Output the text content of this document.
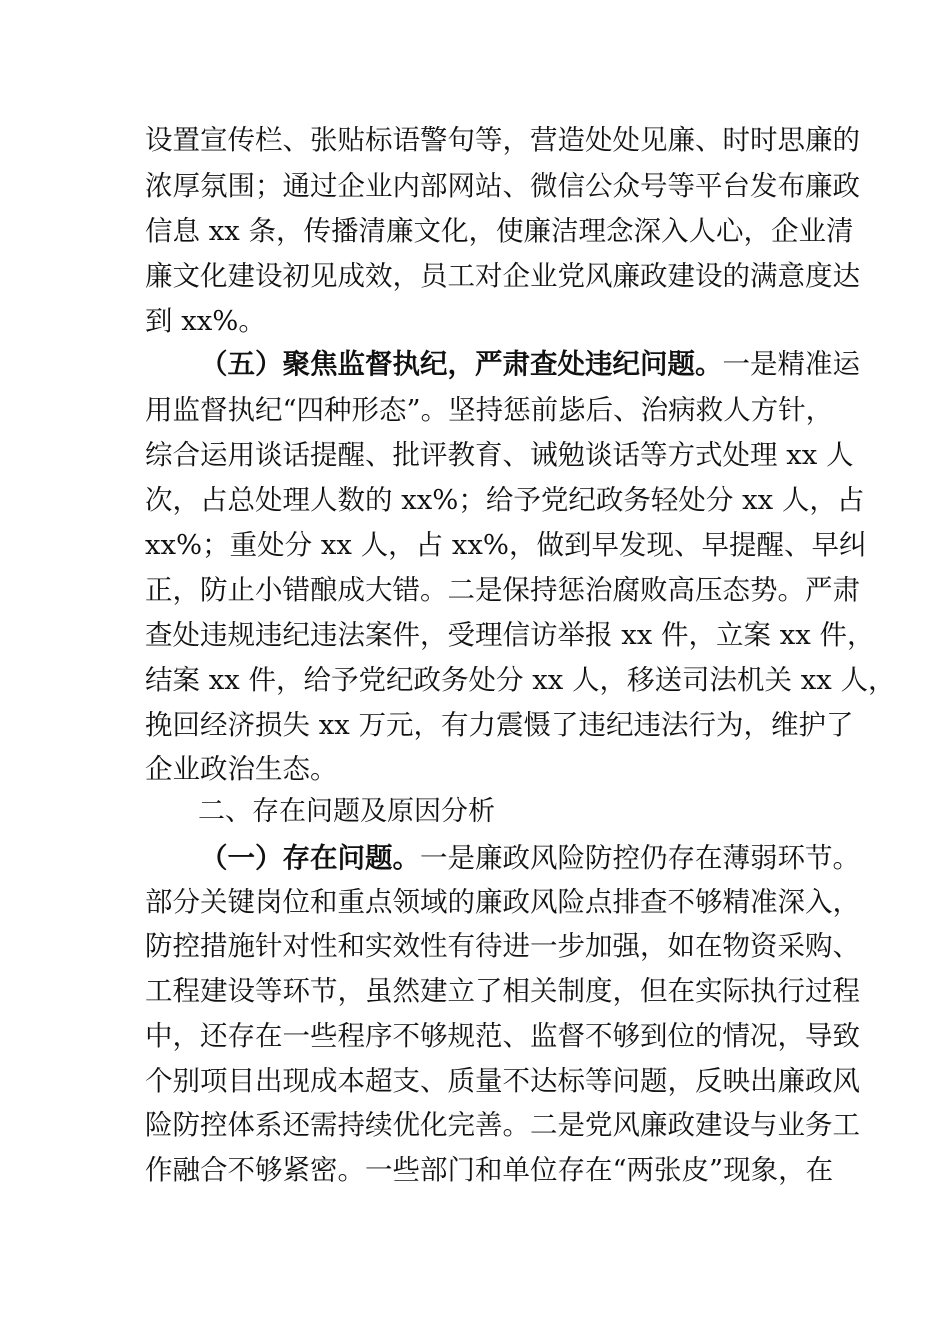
设置宣传栏、张贴标语警句等，营造处处见廉、时时思廉的
浓厚氛围；通过企业内部网站、微信公众号等平台发布廉政
信息 xx 条，传播清廉文化，使廉洁理念深入人心，企业清
廉文化建设初见成效，员工对企业党风廉政建设的满意度达
到 xx%。
（五）聚焦监督执纪，严肃查处违纪问题。一是精准运
用监督执纪“四种形态”。坚持惩前毖后、治病救人方针，
综合运用谈话提醒、批评教育、诫勉谈话等方式处理 xx 人
次，占总处理人数的 xx%；给予党纪政务轻处分 xx 人，占
xx%；重处分 xx 人，占 xx%，做到早发现、早提醒、早纠
正，防止小错酿成大错。二是保持惩治腐败高压态势。严肃
查处违规违纪违法案件，受理信访举报 xx 件，立案 xx 件，
结案 xx 件，给予党纪政务处分 xx 人，移送司法机关 xx 人，
挽回经济损失 xx 万元，有力震慑了违纪违法行为，维护了
企业政治生态。
二、存在问题及原因分析
（一）存在问题。一是廉政风险防控仍存在薄弱环节。
部分关键岗位和重点领域的廉政风险点排查不够精准深入，
防控措施针对性和实效性有待进一步加强，如在物资采购、
工程建设等环节，虽然建立了相关制度，但在实际执行过程
中，还存在一些程序不够规范、监督不够到位的情况，导致
个别项目出现成本超支、质量不达标等问题，反映出廉政风
险防控体系还需持续优化完善。二是党风廉政建设与业务工
作融合不够紧密。一些部门和单位存在“两张皮”现象，在
